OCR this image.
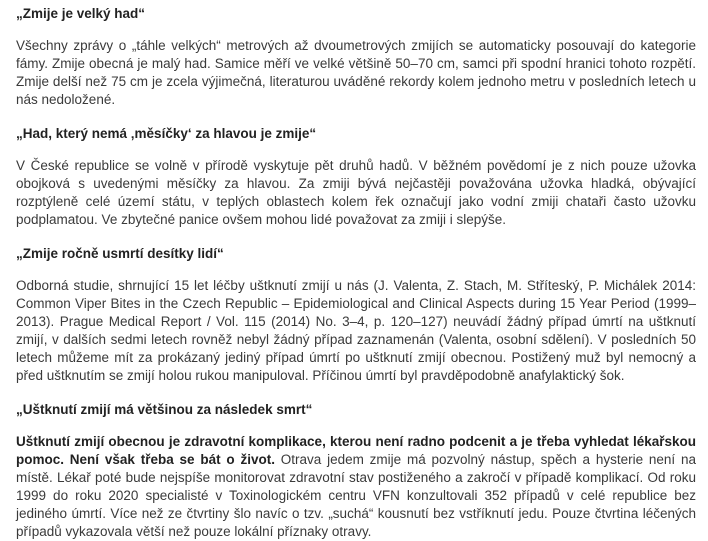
„Zmije je velký had“

Všechny zprávy o „táhle velkých“ metrových až dvoumetrových zmijích se automaticky posouvají do kategorie fámy. Zmije obecná je malý had. Samice měří ve velké většině 50–70 cm, samci při spodní hranici tohoto rozpětí. Zmije delší než 75 cm je zcela výjimečná, literaturou uváděné rekordy kolem jednoho metru v posledních letech u nás nedoložené.

„Had, který nemá ‚měsíčky‘ za hlavou je zmije“

V České republice se volně v přírodě vyskytuje pět druhů hadů. V běžném povědomí je z nich pouze užovka obojková s uvedenými měsíčky za hlavou. Za zmiji bývá nejčastěji považována užovka hladká, obývající rozptýleně celé území státu, v teplých oblastech kolem řek označují jako vodní zmiji chataři často užovku podplamatou. Ve zbytečné panice ovšem mohou lidé považovat za zmiji i slepýše.

„Zmije ročně usmrtí desítky lidí“

Odborná studie, shrnující 15 let léčby uštknutí zmijí u nás (J. Valenta, Z. Stach, M. Stříteský, P. Michálek 2014: Common Viper Bites in the Czech Republic – Epidemiological and Clinical Aspects during 15 Year Period (1999–2013). Prague Medical Report / Vol. 115 (2014) No. 3–4, p. 120–127) neuvádí žádný případ úmrtí na uštknutí zmijí, v dalších sedmi letech rovněž nebyl žádný případ zaznamenán (Valenta, osobní sdělení). V posledních 50 letech můžeme mít za prokázaný jediný případ úmrtí po uštknutí zmijí obecnou. Postižený muž byl nemocný a před uštknutím se zmijí holou rukou manipuloval. Příčinou úmrtí byl pravděpodobně anafylaktický šok.

„Uštknutí zmijí má většinou za následek smrt“

Uštknutí zmijí obecnou je zdravotní komplikace, kterou není radno podcenit a je třeba vyhledat lékařskou pomoc. Není však třeba se bát o život. Otrava jedem zmije má pozvolný nástup, spěch a hysterie není na místě. Lékař poté bude nejspíše monitorovat zdravotní stav postiženého a zakročí v případě komplikací. Od roku 1999 do roku 2020 specialisté v Toxinologickém centru VFN konzultovali 352 případů v celé republice bez jediného úmrtí. Více než ze čtvrtiny šlo navíc o tzv. „suchá“ kousnutí bez vstříknutí jedu. Pouze čtvrtina léčených případů vykazovala větší než pouze lokální příznaky otravy.
